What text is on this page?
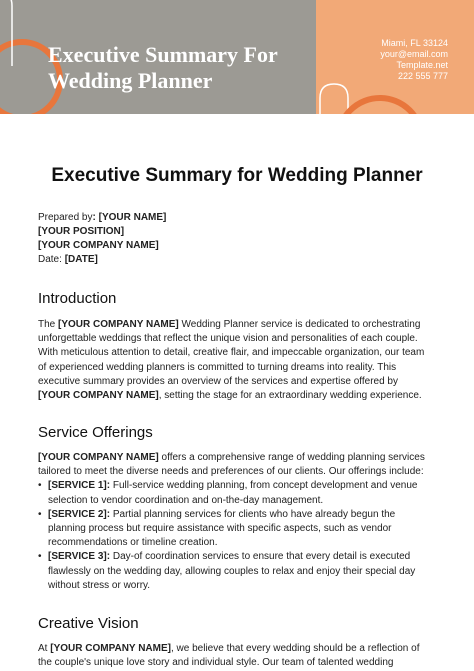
Executive Summary For
Wedding Planner
Miami, FL 33124
your@email.com
Template.net
222 555 777
Executive Summary for Wedding Planner
Prepared by: [YOUR NAME]
[YOUR POSITION]
[YOUR COMPANY NAME]
Date: [DATE]
Introduction
The [YOUR COMPANY NAME] Wedding Planner service is dedicated to orchestrating
unforgettable weddings that reflect the unique vision and personalities of each couple.
With meticulous attention to detail, creative flair, and impeccable organization, our team
of experienced wedding planners is committed to turning dreams into reality. This
executive summary provides an overview of the services and expertise offered by
[YOUR COMPANY NAME], setting the stage for an extraordinary wedding experience.
Service Offerings
[YOUR COMPANY NAME] offers a comprehensive range of wedding planning services
tailored to meet the diverse needs and preferences of our clients. Our offerings include:
• [SERVICE 1]: Full-service wedding planning, from concept development and venue
selection to vendor coordination and on-the-day management.
• [SERVICE 2]: Partial planning services for clients who have already begun the
planning process but require assistance with specific aspects, such as vendor
recommendations or timeline creation.
• [SERVICE 3]: Day-of coordination services to ensure that every detail is executed
flawlessly on the wedding day, allowing couples to relax and enjoy their special day
without stress or worry.
Creative Vision
At [YOUR COMPANY NAME], we believe that every wedding should be a reflection of
the couple's unique love story and individual style. Our team of talented wedding
